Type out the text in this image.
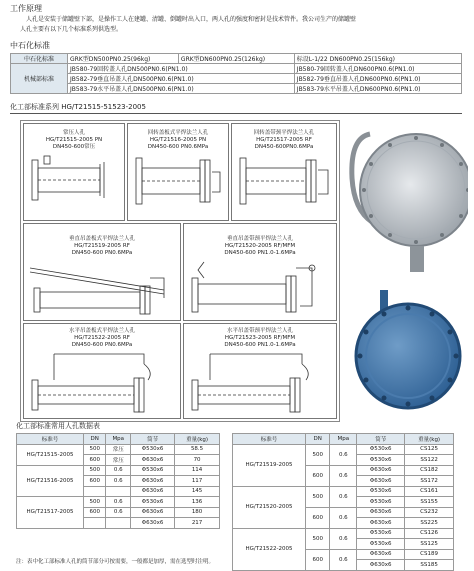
工作原理
人孔是安装于储罐壁下部，是操作工人在建罐、清罐、倒罐时出入口，两人孔的强度和密封是技术管件。我公司生产的储罐壁
人孔主要有以下几个标准系列供选型。
中石化标准
中石化标准	GRK型DN500PN0.25(96kg)	GRK型DN600PN0.25(126kg)	标设L-1/22 DN600PN0.25(156kg)
机械部标准	JB580-79回转盖人孔DN500PN0.6(PN1.0)		JB580-79回转盖人孔DN600PN0.6(PN1.0)
	JB582-79垂直吊盖人孔DN500PN0.6(PN1.0)		JB582-79垂直吊盖人孔DN600PN0.6(PN1.0)
	JB583-79水平吊盖人孔DN500PN0.6(PN1.0)		JB583-79水平吊盖人孔DN600PN0.6(PN1.0)
化工部标准系列 HG/T21515-51523-2005
常压人孔
HG/T21515-2005 PN
DN450-600常压
回转盖板式平焊法兰人孔
HG/T21516-2005 PN
DN450-600 PN0.6MPa
回转盖带颈平焊法兰人孔
HG/T21517-2005 RF
DN450-600PN0.6MPa
垂直吊盖板式平焊法兰人孔
HG/T21519-2005 RF
DN450-600 PN0.6MPa
垂直吊盖带颈平焊法兰人孔
HG/T21520-2005 RF/MFM
DN450-600 PN1.0-1.6MPa
水平吊盖板式平焊法兰人孔
HG/T21522-2005 RF
DN450-600 PN0.6MPa
水平吊盖带颈平焊法兰人孔
HG/T21523-2005 RF/MFM
DN450-600 PN1.0-1.6MPa
化工部标准常用人孔数据表
标准号	DN	Mpa	筒节	重量(kg)
HG/T21515-2005	500	常压	Φ530x6	58.5
	600	常压	Φ630x6	70
HG/T21516-2005	500	0.6	Φ530x6	114
	600	0.6	Φ630x6	117
			Φ630x6	145
HG/T21517-2005	500	0.6	Φ530x6	136
	600	0.6	Φ630x6	180
			Φ630x6	217
标准号	DN	Mpa	筒节	重量(kg)
HG/T21519-2005	500	0.6	Φ530x6	CS125
			Φ530x6	SS122
	600	0.6	Φ630x6	CS182
			Φ630x6	SS172
HG/T21520-2005	500	0.6	Φ530x6	CS161
			Φ530x6	SS155
	600	0.6	Φ630x6	CS232
			Φ630x6	SS225
HG/T21522-2005	500	0.6	Φ530x6	CS126
			Φ530x6	SS125
	600	0.6	Φ630x6	CS189
			Φ630x6	SS185
注：表中化工部标准人孔的筒节部分可按需要，一般都是加厚，需在选型时注明。
